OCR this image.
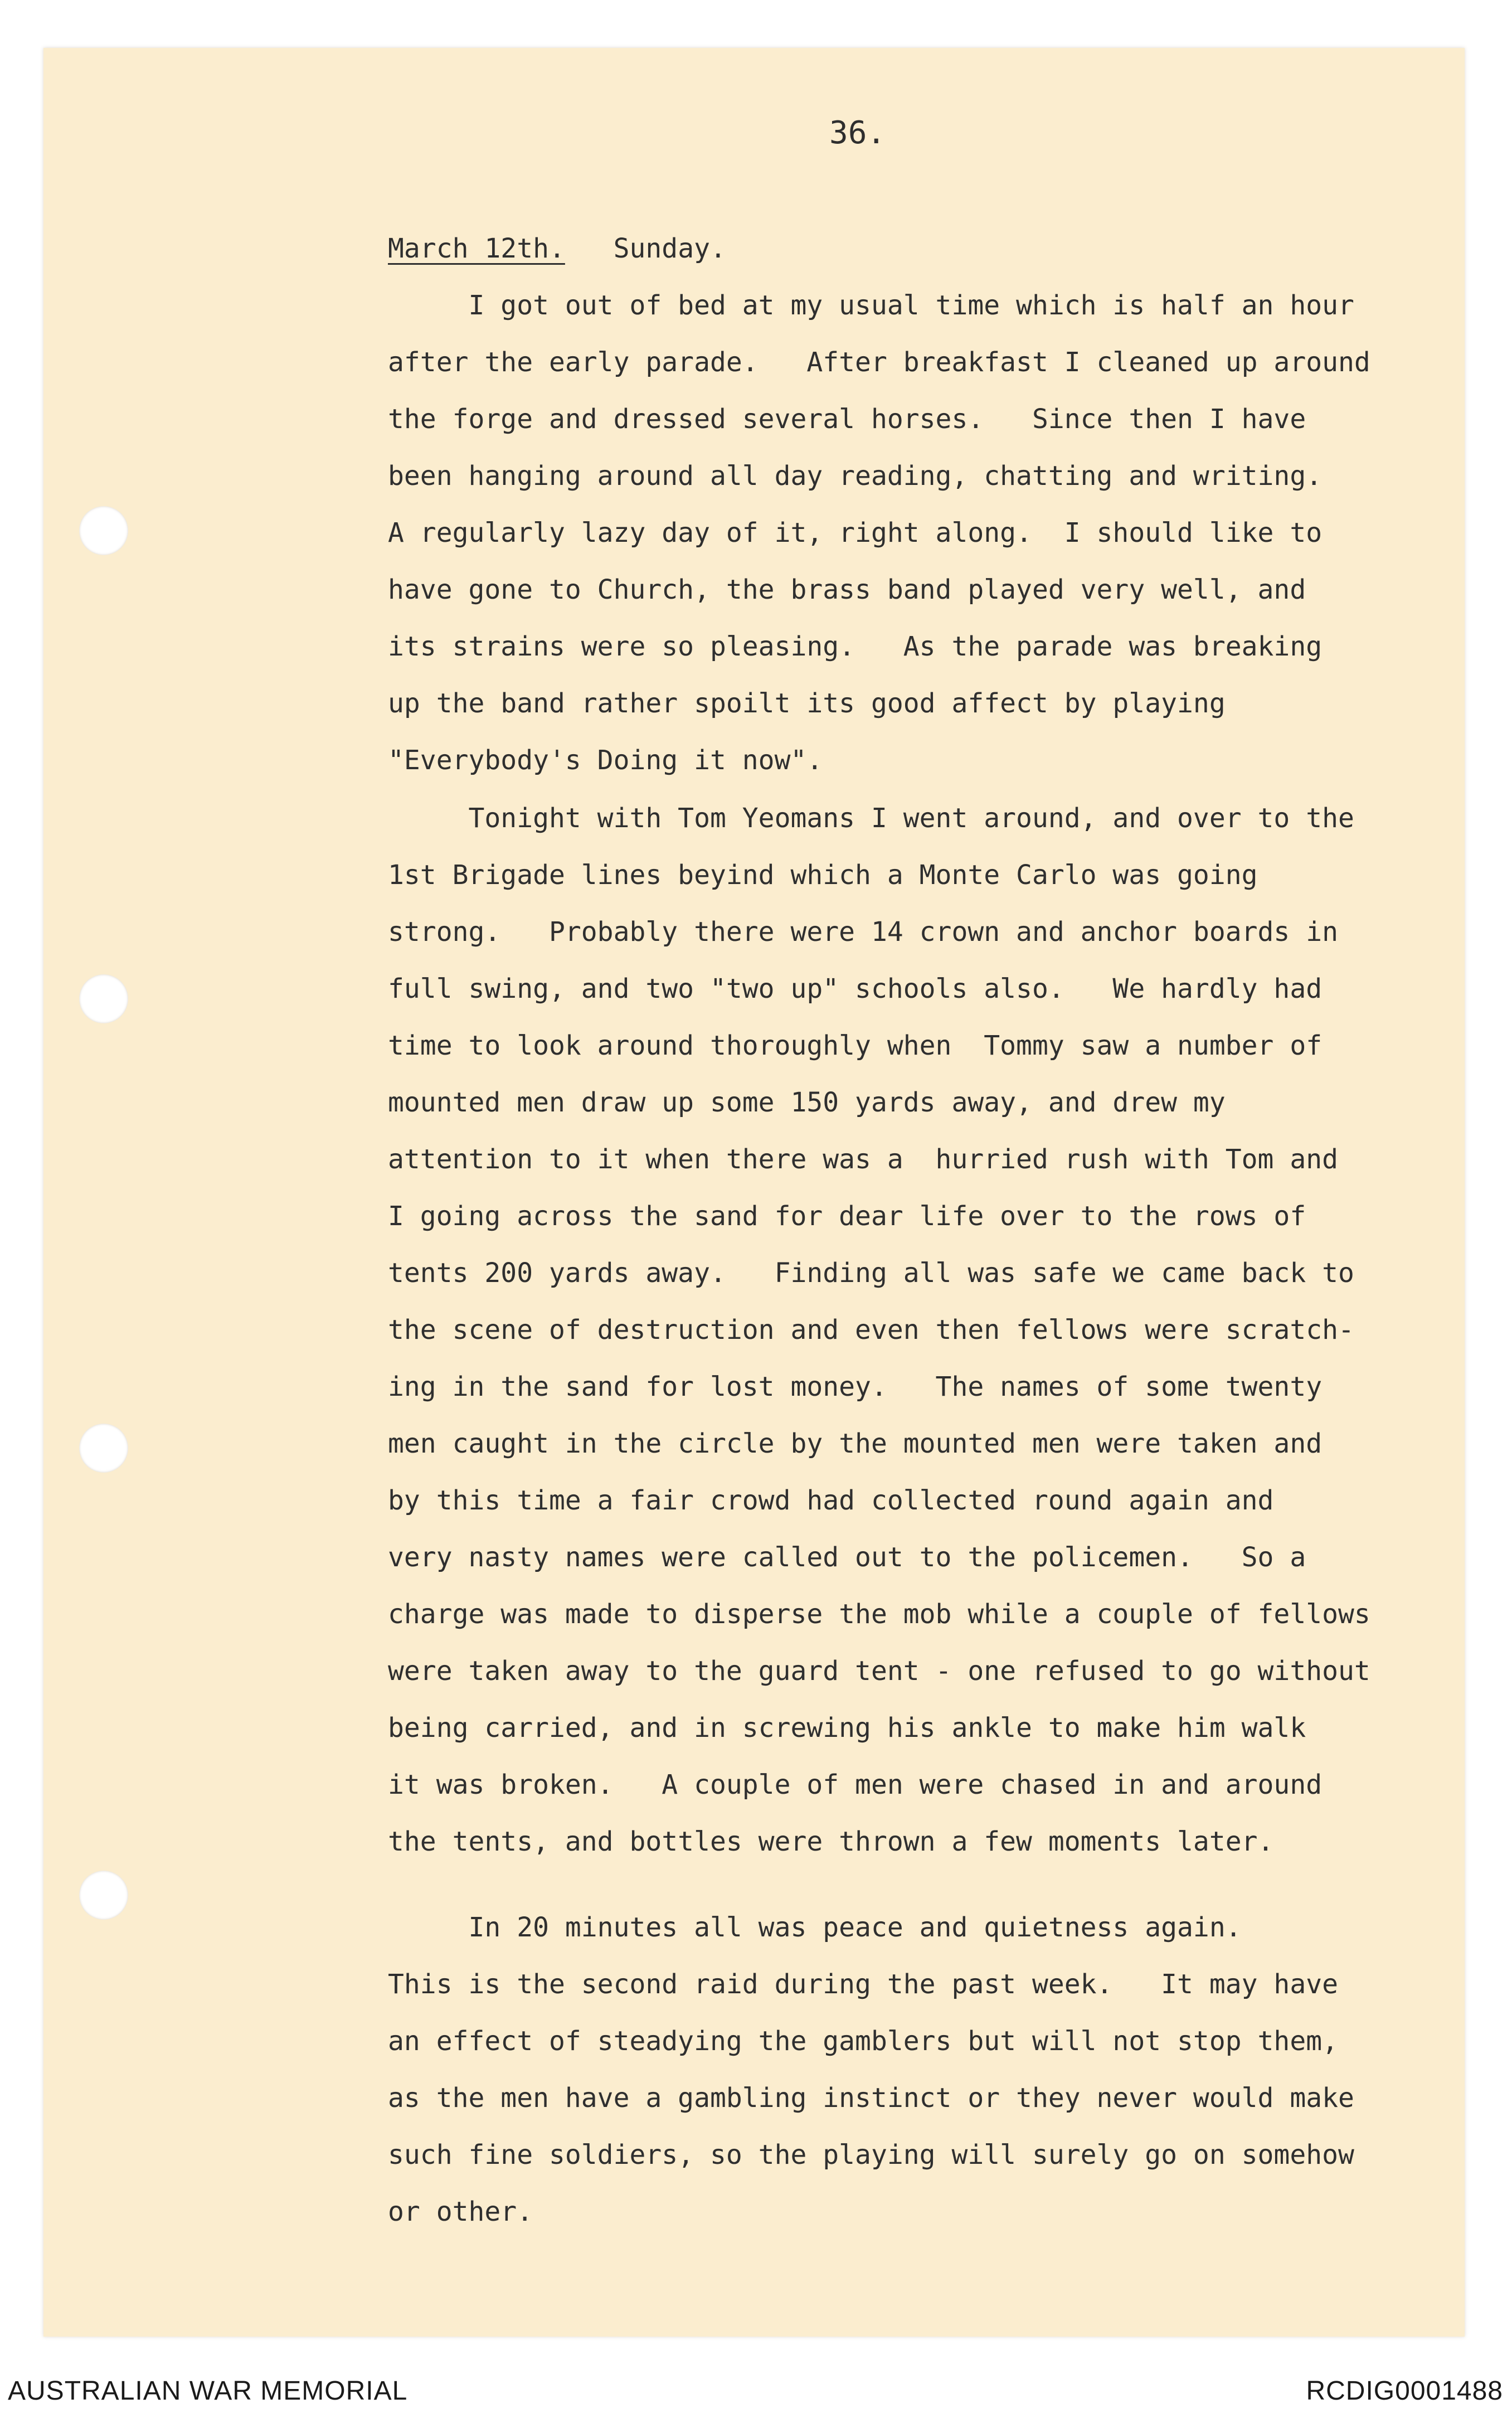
36.

March 12th. Sunday.

I got out of bed at my usual time which is half an hour

after the early parade.   After breakfast I cleaned up around

the forge and dressed several horses.   Since then I have

been hanging around all day reading, chatting and writing.

A regularly lazy day of it, right along.  I should like to

have gone to Church, the brass band played very well, and

its strains were so pleasing.   As the parade was breaking

up the band rather spoilt its good affect by playing

"Everybody's Doing it now".

Tonight with Tom Yeomans I went around, and over to the

1st Brigade lines beyind which a Monte Carlo was going

strong.   Probably there were 14 crown and anchor boards in

full swing, and two "two up" schools also.   We hardly had

time to look around thoroughly when  Tommy saw a number of

mounted men draw up some 150 yards away, and drew my

attention to it when there was a  hurried rush with Tom and

I going across the sand for dear life over to the rows of

tents 200 yards away.   Finding all was safe we came back to

the scene of destruction and even then fellows were scratch-

ing in the sand for lost money.   The names of some twenty

men caught in the circle by the mounted men were taken and

by this time a fair crowd had collected round again and

very nasty names were called out to the policemen.   So a

charge was made to disperse the mob while a couple of fellows

were taken away to the guard tent - one refused to go without

being carried, and in screwing his ankle to make him walk

it was broken.   A couple of men were chased in and around

the tents, and bottles were thrown a few moments later.

In 20 minutes all was peace and quietness again.

This is the second raid during the past week.   It may have

an effect of steadying the gamblers but will not stop them,

as the men have a gambling instinct or they never would make

such fine soldiers, so the playing will surely go on somehow

or other.

AUSTRALIAN WAR MEMORIAL	RCDIG0001488
